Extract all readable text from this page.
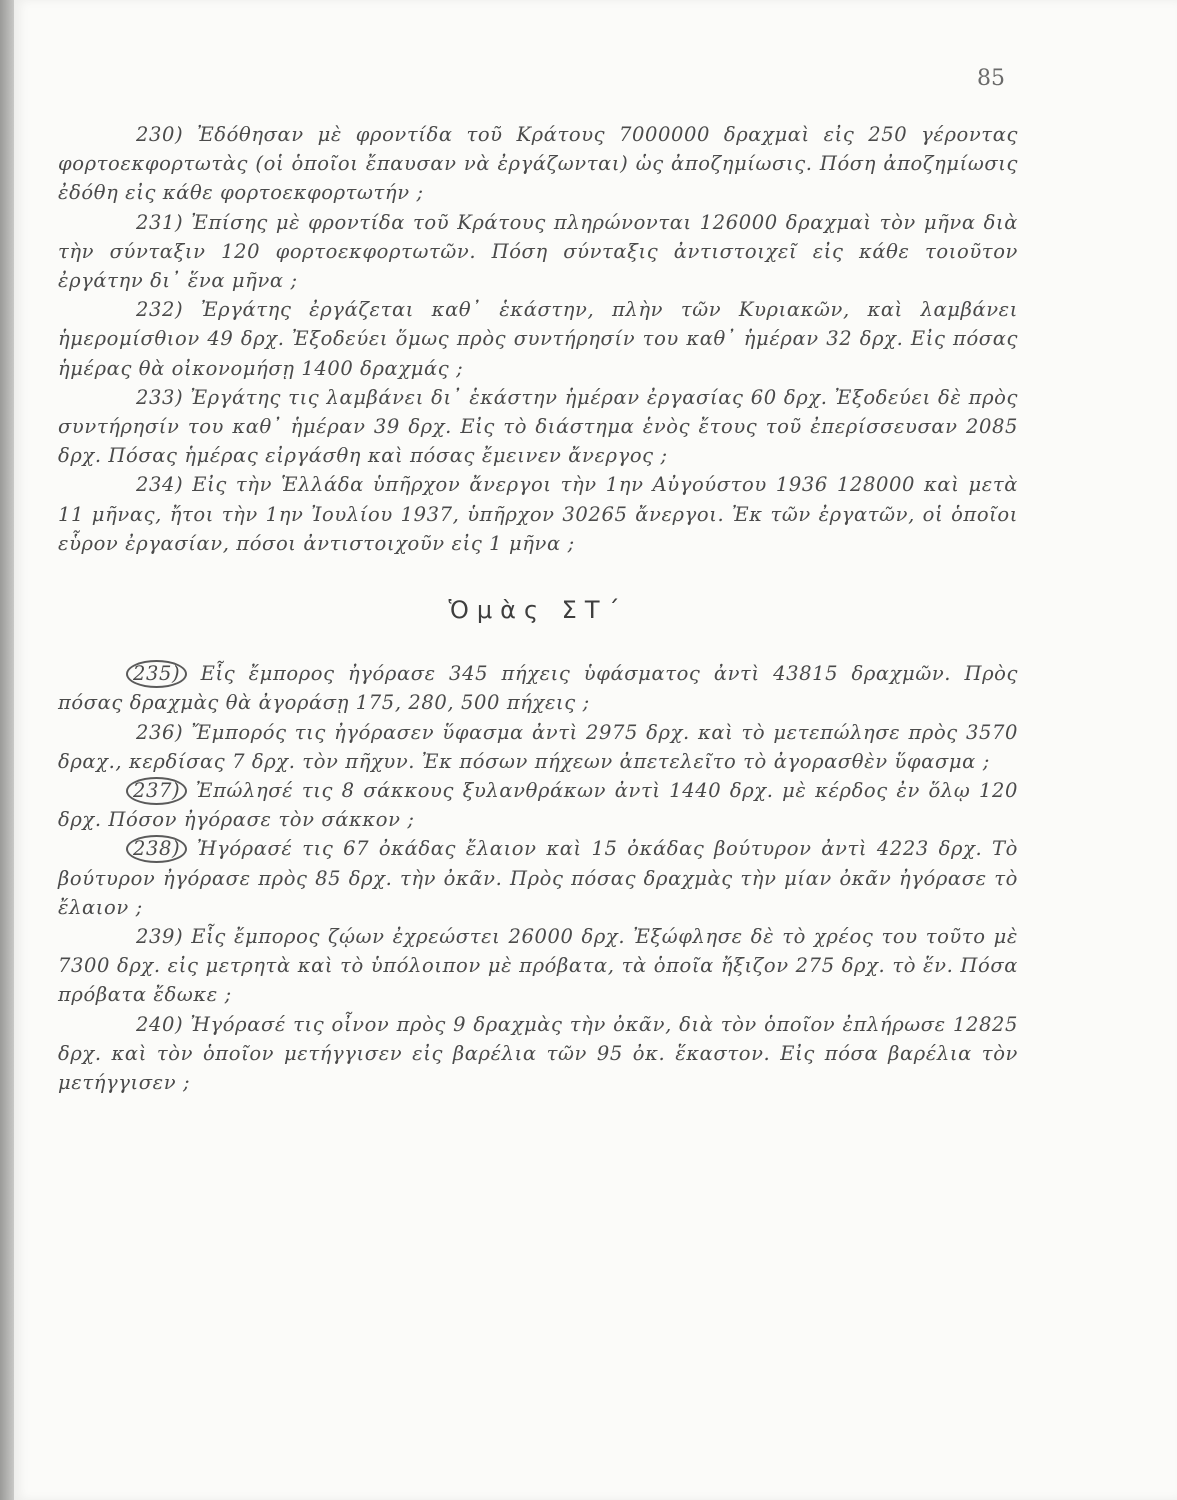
85

230) Ἐδόθησαν μὲ φροντίδα τοῦ Κράτους 7000000 δραχμαὶ εἰς 250 γέροντας φορτοεκφορτωτὰς (οἱ ὁποῖοι ἔπαυσαν νὰ ἐργάζωνται) ὡς ἀποζημίωσις. Πόση ἀποζημίωσις ἐδόθη εἰς κάθε φορτοεκφορτωτήν ;

231) Ἐπίσης μὲ φροντίδα τοῦ Κράτους πληρώνονται 126000 δραχμαὶ τὸν μῆνα διὰ τὴν σύνταξιν 120 φορτοεκφορτωτῶν. Πόση σύνταξις ἀντιστοιχεῖ εἰς κάθε τοιοῦτον ἐργάτην δι᾿ ἕνα μῆνα ;

232) Ἐργάτης ἐργάζεται καθ᾿ ἑκάστην, πλὴν τῶν Κυριακῶν, καὶ λαμβάνει ἡμερομίσθιον 49 δρχ. Ἐξοδεύει ὅμως πρὸς συντήρησίν του καθ᾿ ἡμέραν 32 δρχ. Εἰς πόσας ἡμέρας θὰ οἰκονομήσῃ 1400 δραχμάς ;

233) Ἐργάτης τις λαμβάνει δι᾿ ἑκάστην ἡμέραν ἐργασίας 60 δρχ. Ἐξοδεύει δὲ πρὸς συντήρησίν του καθ᾿ ἡμέραν 39 δρχ. Εἰς τὸ διάστημα ἑνὸς ἔτους τοῦ ἐπερίσσευσαν 2085 δρχ. Πόσας ἡμέρας εἰργάσθη καὶ πόσας ἔμεινεν ἄνεργος ;

234) Εἰς τὴν Ἑλλάδα ὑπῆρχον ἄνεργοι τὴν 1ην Αὐγούστου 1936 128000 καὶ μετὰ 11 μῆνας, ἤτοι τὴν 1ην Ἰουλίου 1937, ὑπῆρχον 30265 ἄνεργοι. Ἐκ τῶν ἐργατῶν, οἱ ὁποῖοι εὗρον ἐργασίαν, πόσοι ἀντιστοιχοῦν εἰς 1 μῆνα ;

Ὁμὰς ΣΤ΄

235) Εἷς ἔμπορος ἠγόρασε 345 πήχεις ὑφάσματος ἀντὶ 43815 δραχμῶν. Πρὸς πόσας δραχμὰς θὰ ἀγοράσῃ 175, 280, 500 πήχεις ;

236) Ἔμπορός τις ἠγόρασεν ὕφασμα ἀντὶ 2975 δρχ. καὶ τὸ μετεπώλησε πρὸς 3570 δραχ., κερδίσας 7 δρχ. τὸν πῆχυν. Ἐκ πόσων πήχεων ἀπετελεῖτο τὸ ἀγορασθὲν ὕφασμα ;

237) Ἐπώλησέ τις 8 σάκκους ξυλανθράκων ἀντὶ 1440 δρχ. μὲ κέρδος ἐν ὅλῳ 120 δρχ. Πόσον ἠγόρασε τὸν σάκκον ;

238) Ἠγόρασέ τις 67 ὀκάδας ἔλαιον καὶ 15 ὀκάδας βούτυρον ἀντὶ 4223 δρχ. Τὸ βούτυρον ἠγόρασε πρὸς 85 δρχ. τὴν ὀκᾶν. Πρὸς πόσας δραχμὰς τὴν μίαν ὀκᾶν ἠγόρασε τὸ ἔλαιον ;

239) Εἷς ἔμπορος ζῴων ἐχρεώστει 26000 δρχ. Ἐξώφλησε δὲ τὸ χρέος του τοῦτο μὲ 7300 δρχ. εἰς μετρητὰ καὶ τὸ ὑπόλοιπον μὲ πρόβατα, τὰ ὁποῖα ἤξιζον 275 δρχ. τὸ ἕν. Πόσα πρόβατα ἔδωκε ;

240) Ἠγόρασέ τις οἶνον πρὸς 9 δραχμὰς τὴν ὀκᾶν, διὰ τὸν ὁποῖον ἐπλήρωσε 12825 δρχ. καὶ τὸν ὁποῖον μετήγγισεν εἰς βαρέλια τῶν 95 ὀκ. ἕκαστον. Εἰς πόσα βαρέλια τὸν μετήγγισεν ;
